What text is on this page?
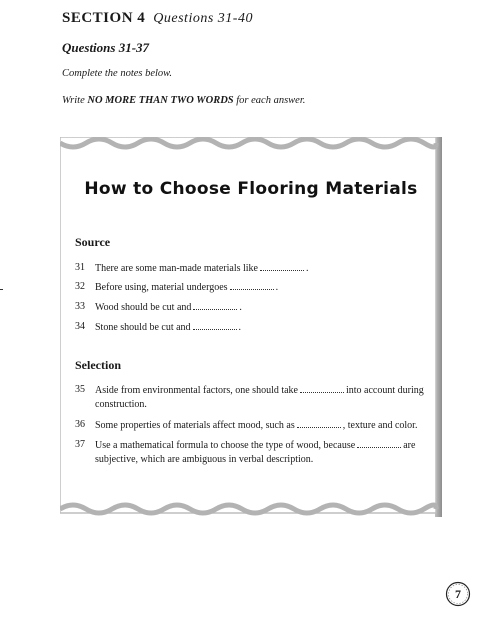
SECTION 4 Questions 31-40
Questions 31-37
Complete the notes below.
Write NO MORE THAN TWO WORDS for each answer.
How to Choose Flooring Materials
Source
31	There are some man-made materials like	.
32	Before using, material undergoes	.
33	Wood should be cut and	.
34	Stone should be cut and	.
Selection
35	Aside from environmental factors, one should take	into account during construction.
36	Some properties of materials affect mood, such as	, texture and color.
37	Use a mathematical formula to choose the type of wood, because	are subjective, which are ambiguous in verbal description.
7
